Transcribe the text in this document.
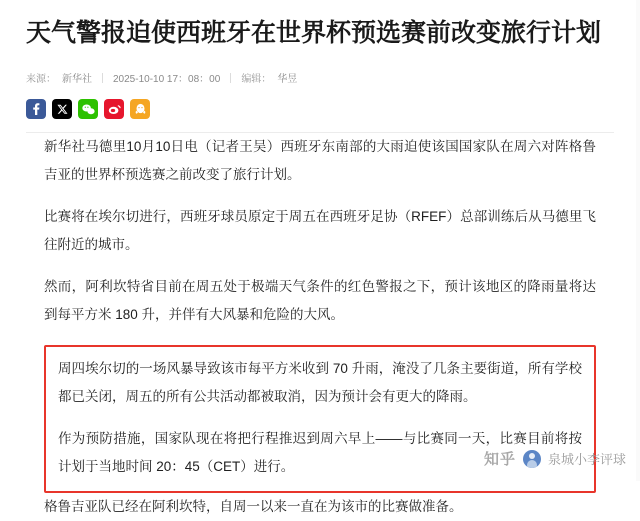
天气警报迫使西班牙在世界杯预选赛前改变旅行计划
来源： 新华社 2025-10-10 17：08：00 编辑： 华昱

新华社马德里10月10日电（记者王吴）西班牙东南部的大雨迫使该国国家队在周六对阵格鲁吉亚的世界杯预选赛之前改变了旅行计划。

比赛将在埃尔切进行，西班牙球员原定于周五在西班牙足协（RFEF）总部训练后从马德里飞往附近的城市。

然而，阿利坎特省目前在周五处于极端天气条件的红色警报之下，预计该地区的降雨量将达到每平方米 180 升，并伴有大风暴和危险的大风。

周四埃尔切的一场风暴导致该市每平方米收到 70 升雨，淹没了几条主要街道，所有学校都已关闭，周五的所有公共活动都被取消，因为预计会有更大的降雨。

作为预防措施，国家队现在将把行程推迟到周六早上——与比赛同一天，比赛目前将按计划于当地时间 20：45（CET）进行。

格鲁吉亚队已经在阿利坎特，自周一以来一直在为该市的比赛做准备。

知乎 泉城小李评球
